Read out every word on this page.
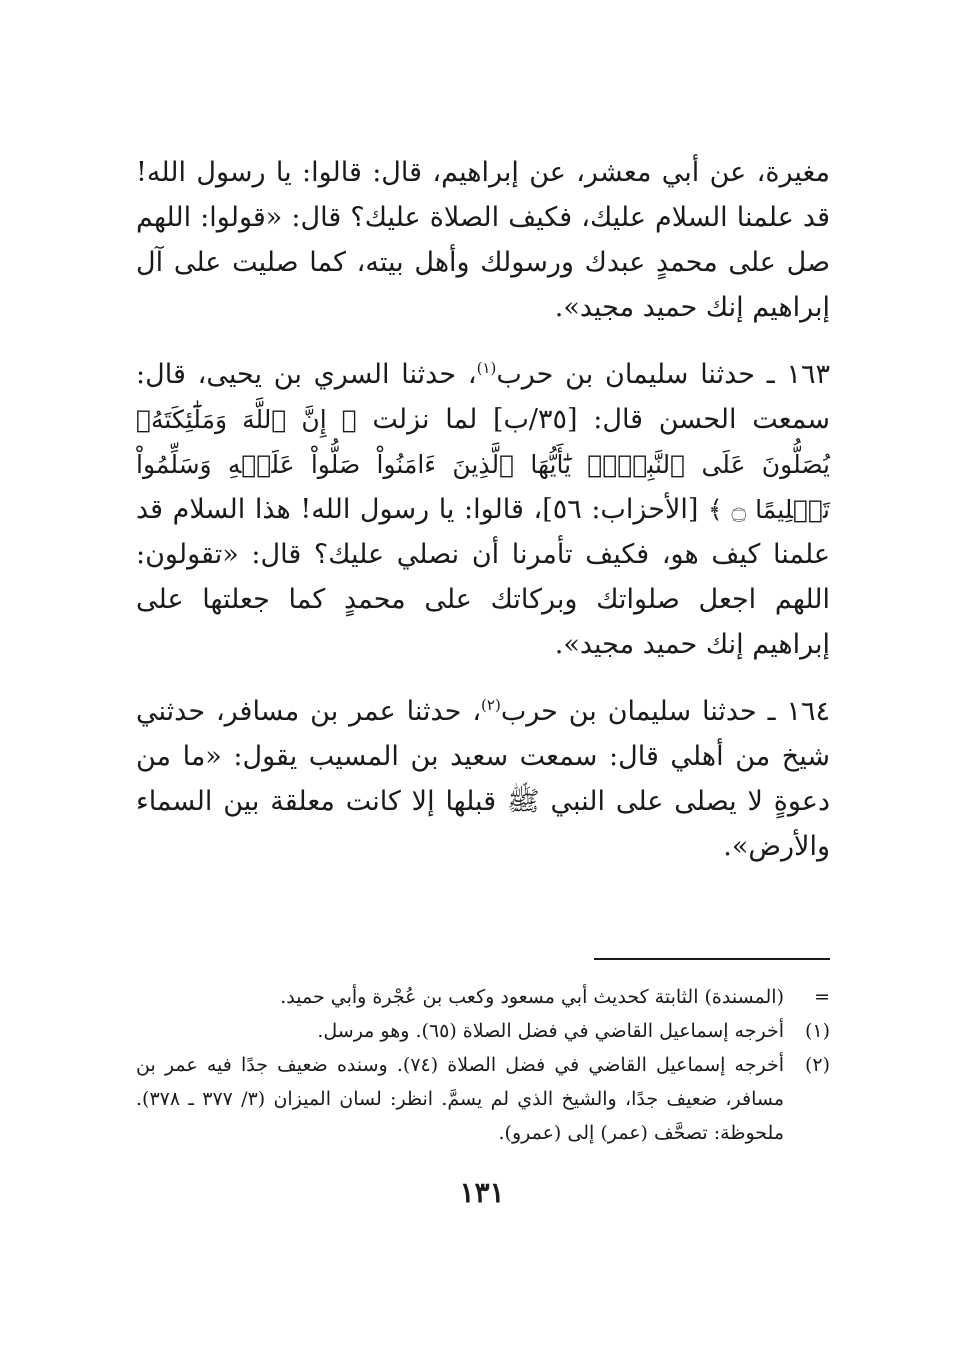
مغيرة، عن أبي معشر، عن إبراهيم، قال: قالوا: يا رسول الله! قد علمنا السلام عليك، فكيف الصلاة عليك؟ قال: «قولوا: اللهم صل على محمدٍ عبدك ورسولك وأهل بيته، كما صليت على آل إبراهيم إنك حميد مجيد».

١٦٣ ـ حدثنا سليمان بن حرب$^{(١)}$، حدثنا السري بن يحيى، قال: سمعت الحسن قال: [٣٥/ب] لما نزلت ﴿ إِنَّ ٱللَّهَ وَمَلَٰٓئِكَتَهُۥ يُصَلُّونَ عَلَى ٱلنَّبِيِّۚ يَٰٓأَيُّهَا ٱلَّذِينَ ءَامَنُواْ صَلُّواْ عَلَيۡهِ وَسَلِّمُواْ تَسۡلِيمًا ۝ ﴾ [الأحزاب: ٥٦]، قالوا: يا رسول الله! هذا السلام قد علمنا كيف هو، فكيف تأمرنا أن نصلي عليك؟ قال: «تقولون: اللهم اجعل صلواتك وبركاتك على محمدٍ كما جعلتها على إبراهيم إنك حميد مجيد».

١٦٤ ـ حدثنا سليمان بن حرب$^{(٢)}$، حدثنا عمر بن مسافر، حدثني شيخ من أهلي قال: سمعت سعيد بن المسيب يقول: «ما من دعوةٍ لا يصلى على النبي ﷺ قبلها إلا كانت معلقة بين السماء والأرض».

=
(المسندة) الثابتة كحديث أبي مسعود وكعب بن عُجْرة وأبي حميد.
(١)
أخرجه إسماعيل القاضي في فضل الصلاة (٦٥). وهو مرسل.
(٢)
أخرجه إسماعيل القاضي في فضل الصلاة (٧٤). وسنده ضعيف جدًا فيه عمر بن مسافر، ضعيف جدًا، والشيخ الذي لم يسمَّ. انظر: لسان الميزان (٣/ ٣٧٧ ـ ٣٧٨). ملحوظة: تصحَّف (عمر) إلى (عمرو).
١٣١
